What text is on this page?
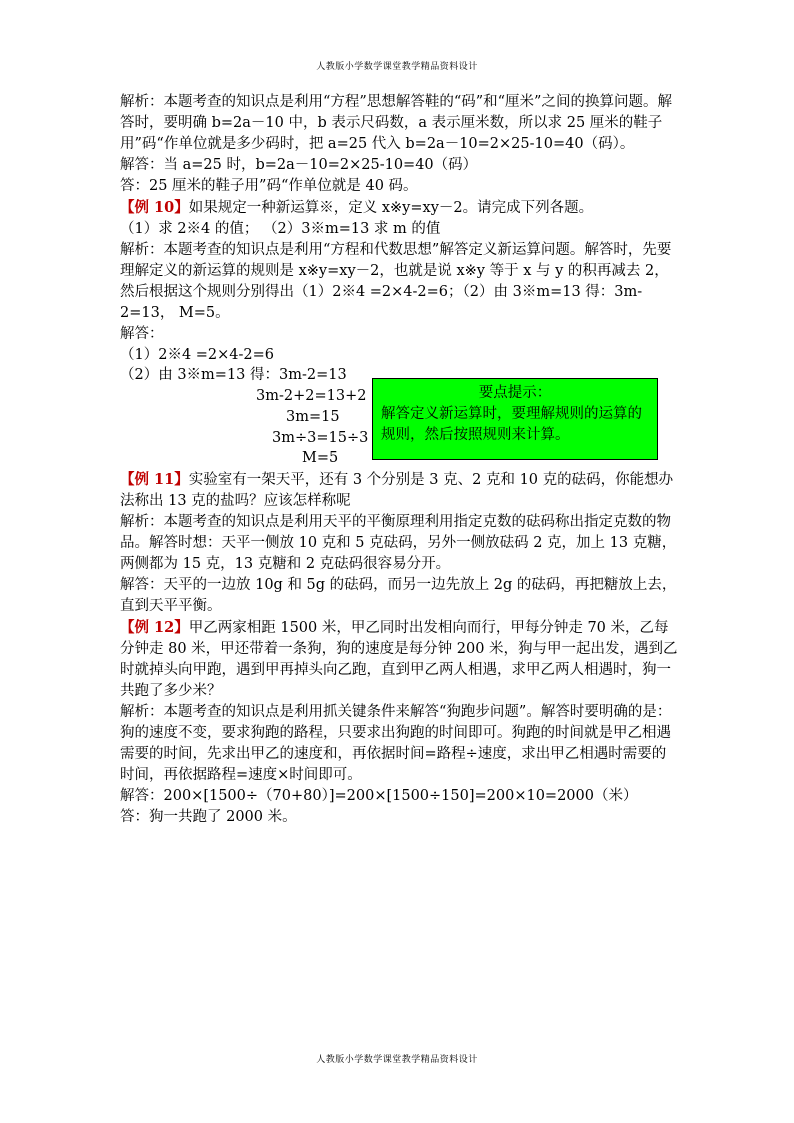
人教版小学数学课堂教学精品资料设计

解析：本题考查的知识点是利用“方程”思想解答鞋的“码”和“厘米”之间的换算问题。解答时，要明确 b=2a－10 中，b 表示尺码数，a 表示厘米数，所以求 25 厘米的鞋子用”码“作单位就是多少码时，把 a=25 代入 b=2a－10=2×25-10=40（码）。

解答：当 a=25 时，b=2a－10=2×25-10=40（码）

答：25 厘米的鞋子用”码“作单位就是 40 码。

【例 10】如果规定一种新运算※，定义 x※y=xy－2。请完成下列各题。

（1）求 2※4 的值； （2）3※m=13 求 m 的值

解析：本题考查的知识点是利用“方程和代数思想”解答定义新运算问题。解答时，先要理解定义的新运算的规则是 x※y=xy－2，也就是说 x※y 等于 x 与 y 的积再减去 2，然后根据这个规则分别得出（1）2※4 =2×4-2=6；（2）由 3※m=13 得：3m-2=13， M=5。

解答：

（1）2※4 =2×4-2=6
（2）由 3※m=13 得：3m-2=13
3m-2+2=13+2
3m=15
3m÷3=15÷3
M=5

【例 11】实验室有一架天平，还有 3 个分别是 3 克、2 克和 10 克的砝码，你能想办法称出 13 克的盐吗？应该怎样称呢

解析：本题考查的知识点是利用天平的平衡原理利用指定克数的砝码称出指定克数的物品。解答时想：天平一侧放 10 克和 5 克砝码，另外一侧放砝码 2 克，加上 13 克糖，两侧都为 15 克，13 克糖和 2 克砝码很容易分开。

解答：天平的一边放 10g 和 5g 的砝码，而另一边先放上 2g 的砝码，再把糖放上去，直到天平平衡。

【例 12】甲乙两家相距 1500 米，甲乙同时出发相向而行，甲每分钟走 70 米，乙每分钟走 80 米，甲还带着一条狗，狗的速度是每分钟 200 米，狗与甲一起出发，遇到乙时就掉头向甲跑，遇到甲再掉头向乙跑，直到甲乙两人相遇，求甲乙两人相遇时，狗一共跑了多少米？

解析：本题考查的知识点是利用抓关键条件来解答“狗跑步问题”。解答时要明确的是：狗的速度不变，要求狗跑的路程，只要求出狗跑的时间即可。狗跑的时间就是甲乙相遇需要的时间，先求出甲乙的速度和，再依据时间=路程÷速度，求出甲乙相遇时需要的时间，再依据路程=速度×时间即可。

解答：200×[1500÷（70+80）]=200×[1500÷150]=200×10=2000（米）

答：狗一共跑了 2000 米。

要点提示：
解答定义新运算时，要理解规则的运算的规则，然后按照规则来计算。
人教版小学数学课堂教学精品资料设计
